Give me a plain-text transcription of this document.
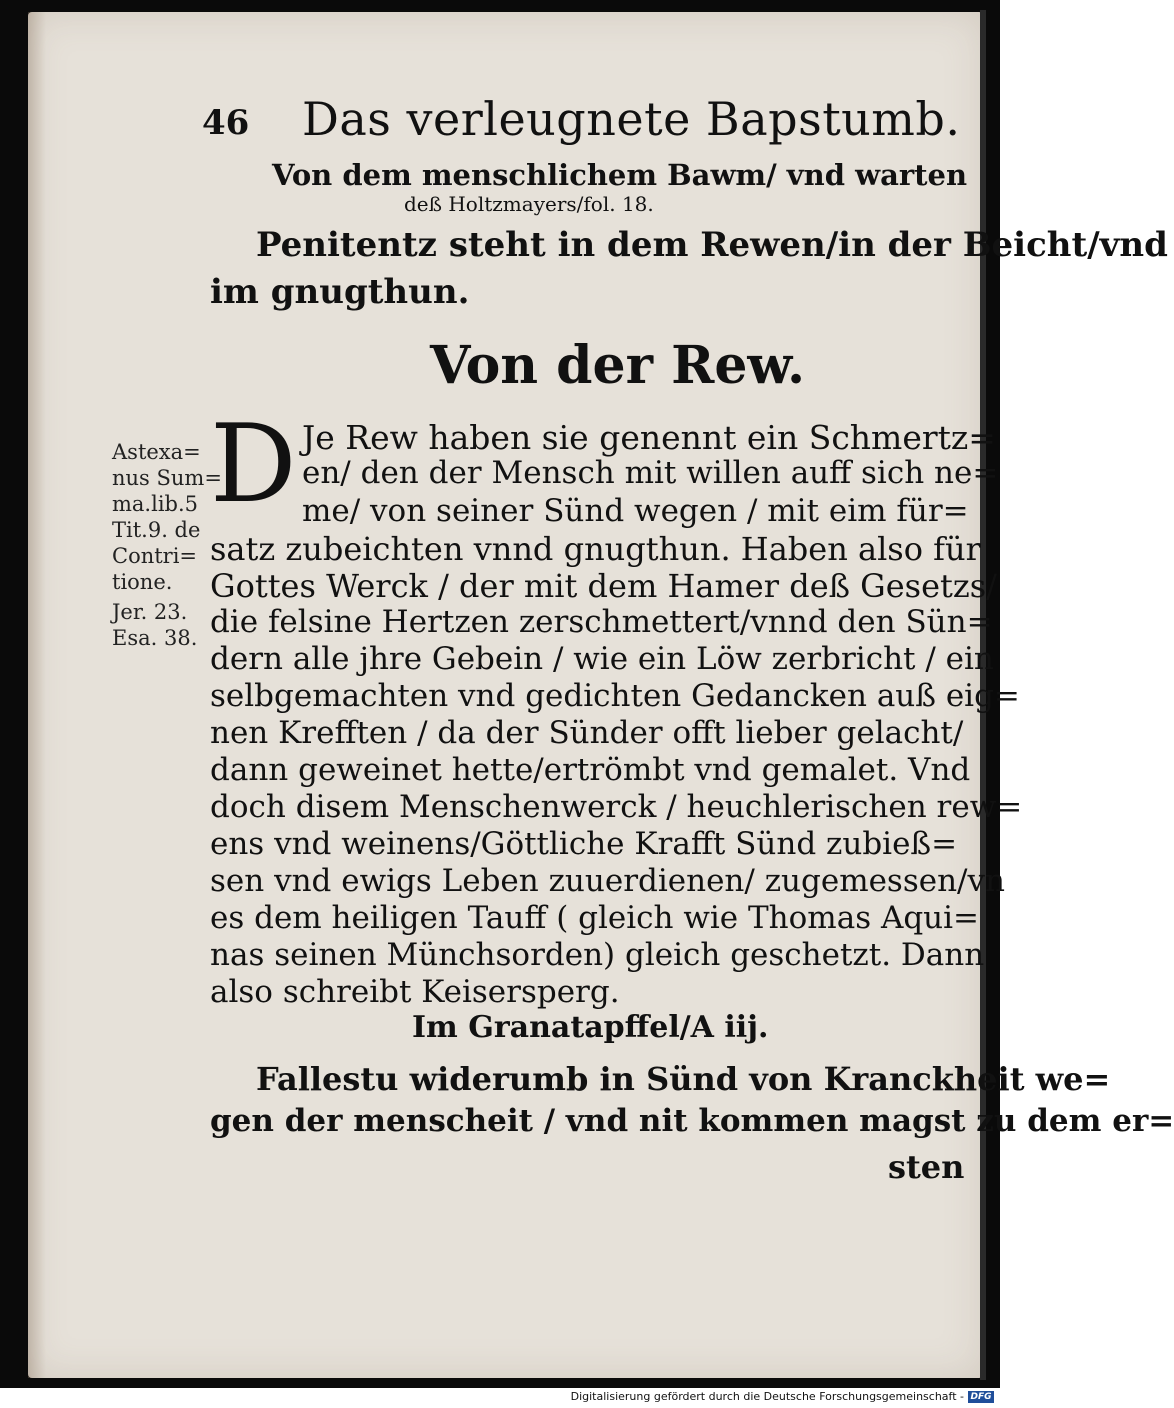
46 Das verleugnete Bapstumb.
Von dem menschlichem Bawm/ vnd warten
deß Holtzmayers/fol. 18.
Penitentz steht in dem Rewen/in der Beicht/vnd
im gnugthun.
Von der Rew.
D
Astexa=
nus Sum=
ma.lib.5
Tit.9. de
Contri=
tione.
Jer. 23.
Esa. 38.
Je Rew haben sie genennt ein Schmertz=
en/ den der Mensch mit willen auff sich ne=
me/ von seiner Sünd wegen / mit eim für=
satz zubeichten vnnd gnugthun. Haben also für
Gottes Werck / der mit dem Hamer deß Gesetzs/
die felsine Hertzen zerschmettert/vnnd den Sün=
dern alle jhre Gebein / wie ein Löw zerbricht / ein
selbgemachten vnd gedichten Gedancken auß eig=
nen Krefften / da der Sünder offt lieber gelacht/
dann geweinet hette/ertrömbt vnd gemalet. Vnd
doch disem Menschenwerck / heuchlerischen rew=
ens vnd weinens/Göttliche Krafft Sünd zubieß=
sen vnd ewigs Leben zuuerdienen/ zugemessen/vn
es dem heiligen Tauff ( gleich wie Thomas Aqui=
nas seinen Münchsorden) gleich geschetzt. Dann
also schreibt Keisersperg.
Im Granatapffel/A iij.
Fallestu widerumb in Sünd von Kranckheit we=
gen der menscheit / vnd nit kommen magst zu dem er=
sten
Digitalisierung gefördert durch die Deutsche Forschungsgemeinschaft - DFG
